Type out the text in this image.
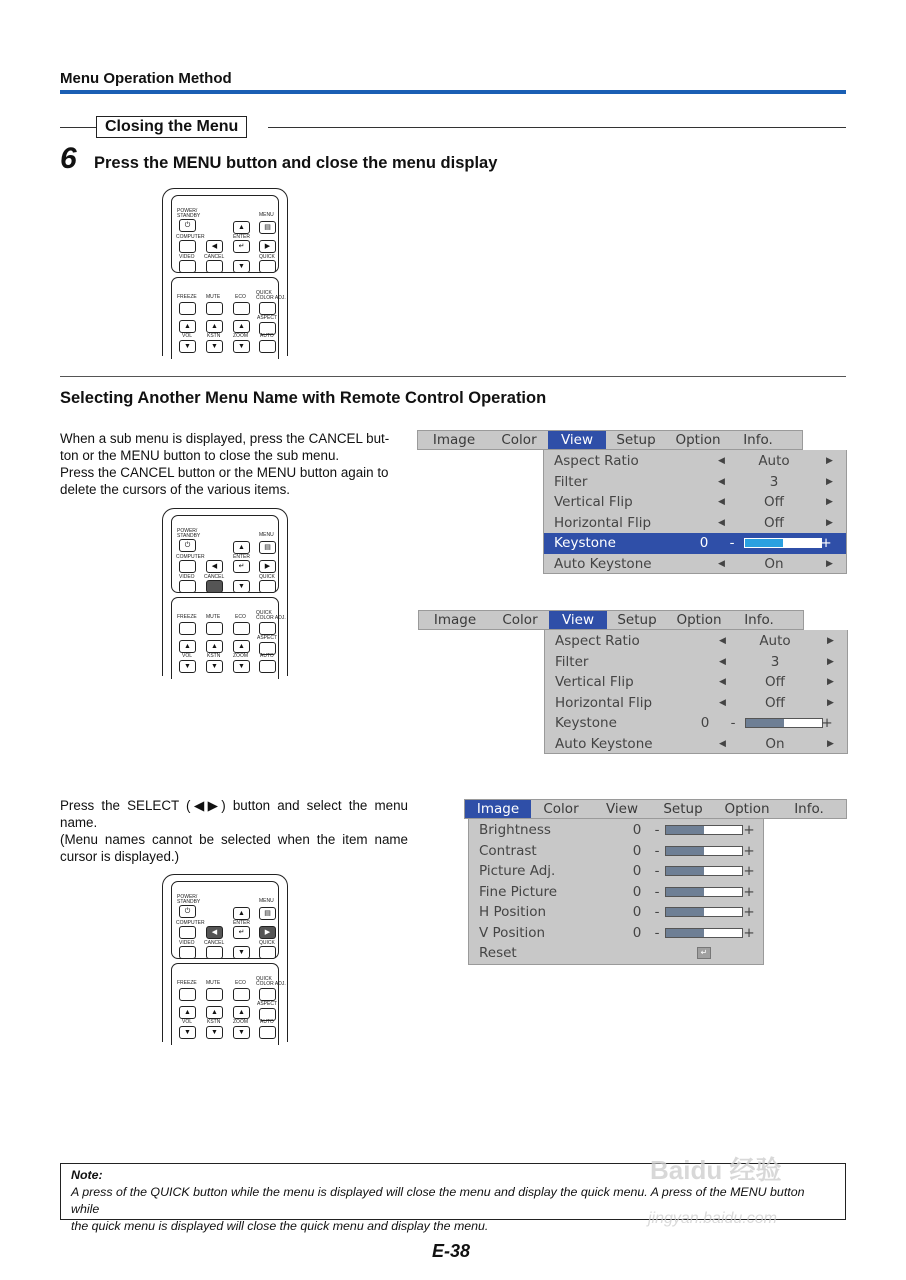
Menu Operation Method
Closing the Menu
6 Press the MENU button and close the menu display
POWER/
STANDBY
⏻
MENU
▤
▲
COMPUTER	ENTER
◀	↵	▶
VIDEO CANCEL	QUICK
▼
FREEZE MUTE	ECO
QUICK
COLOR ADJ.
ASPECT
▲	▲	▲
VOL	KSTN	ZOOM AUTO
▼	▼	▼
Selecting Another Menu Name with Remote Control Operation

When a sub menu is displayed, press the CANCEL but-

ton or the MENU button to close the sub menu.

Press the CANCEL button or the MENU button again to

delete the cursors of the various items.

POWER/
STANDBY
⏻
MENU
▤
▲
COMPUTER	ENTER
◀	↵	▶
VIDEO CANCEL	QUICK
▼
FREEZE MUTE	ECO
QUICK
COLOR ADJ.
ASPECT
▲	▲	▲
VOL	KSTN	ZOOM AUTO
▼	▼	▼
Image	Color	View	Setup	Option	Info.
Aspect Ratio	◀	Auto	▶
Filter	◀	3	▶
Vertical Flip	◀	Off	▶
Horizontal Flip	◀	Off	▶
Keystone	0	-	+
Auto Keystone	◀	On	▶
Image	Color	View	Setup	Option	Info.
Aspect Ratio	◀	Auto	▶
Filter	◀	3	▶
Vertical Flip	◀	Off	▶
Horizontal Flip	◀	Off	▶
Keystone	0	-	+
Auto Keystone	◀	On	▶

Press the SELECT (◀▶) button and select the menu

name.

(Menu names cannot be selected when the item name

cursor is displayed.)

POWER/
STANDBY
⏻
MENU
▤
▲
COMPUTER	ENTER
◀	↵	▶
VIDEO CANCEL	QUICK
▼
FREEZE MUTE	ECO
QUICK
COLOR ADJ.
ASPECT
▲	▲	▲
VOL	KSTN	ZOOM AUTO
▼	▼	▼
Image	Color	View	Setup	Option	Info.
Brightness	0 -	+
Contrast	0 -	+
Picture Adj.	0 -	+
Fine Picture	0 -	+
H Position	0 -	+
V Position	0 -	+
Reset	↵
Note:
A press of the QUICK button while the menu is displayed will close the menu and display the quick menu. A press of the MENU button while
the quick menu is displayed will close the quick menu and display the menu.
Baidu 经验
jingyan.baidu.com
E-38
